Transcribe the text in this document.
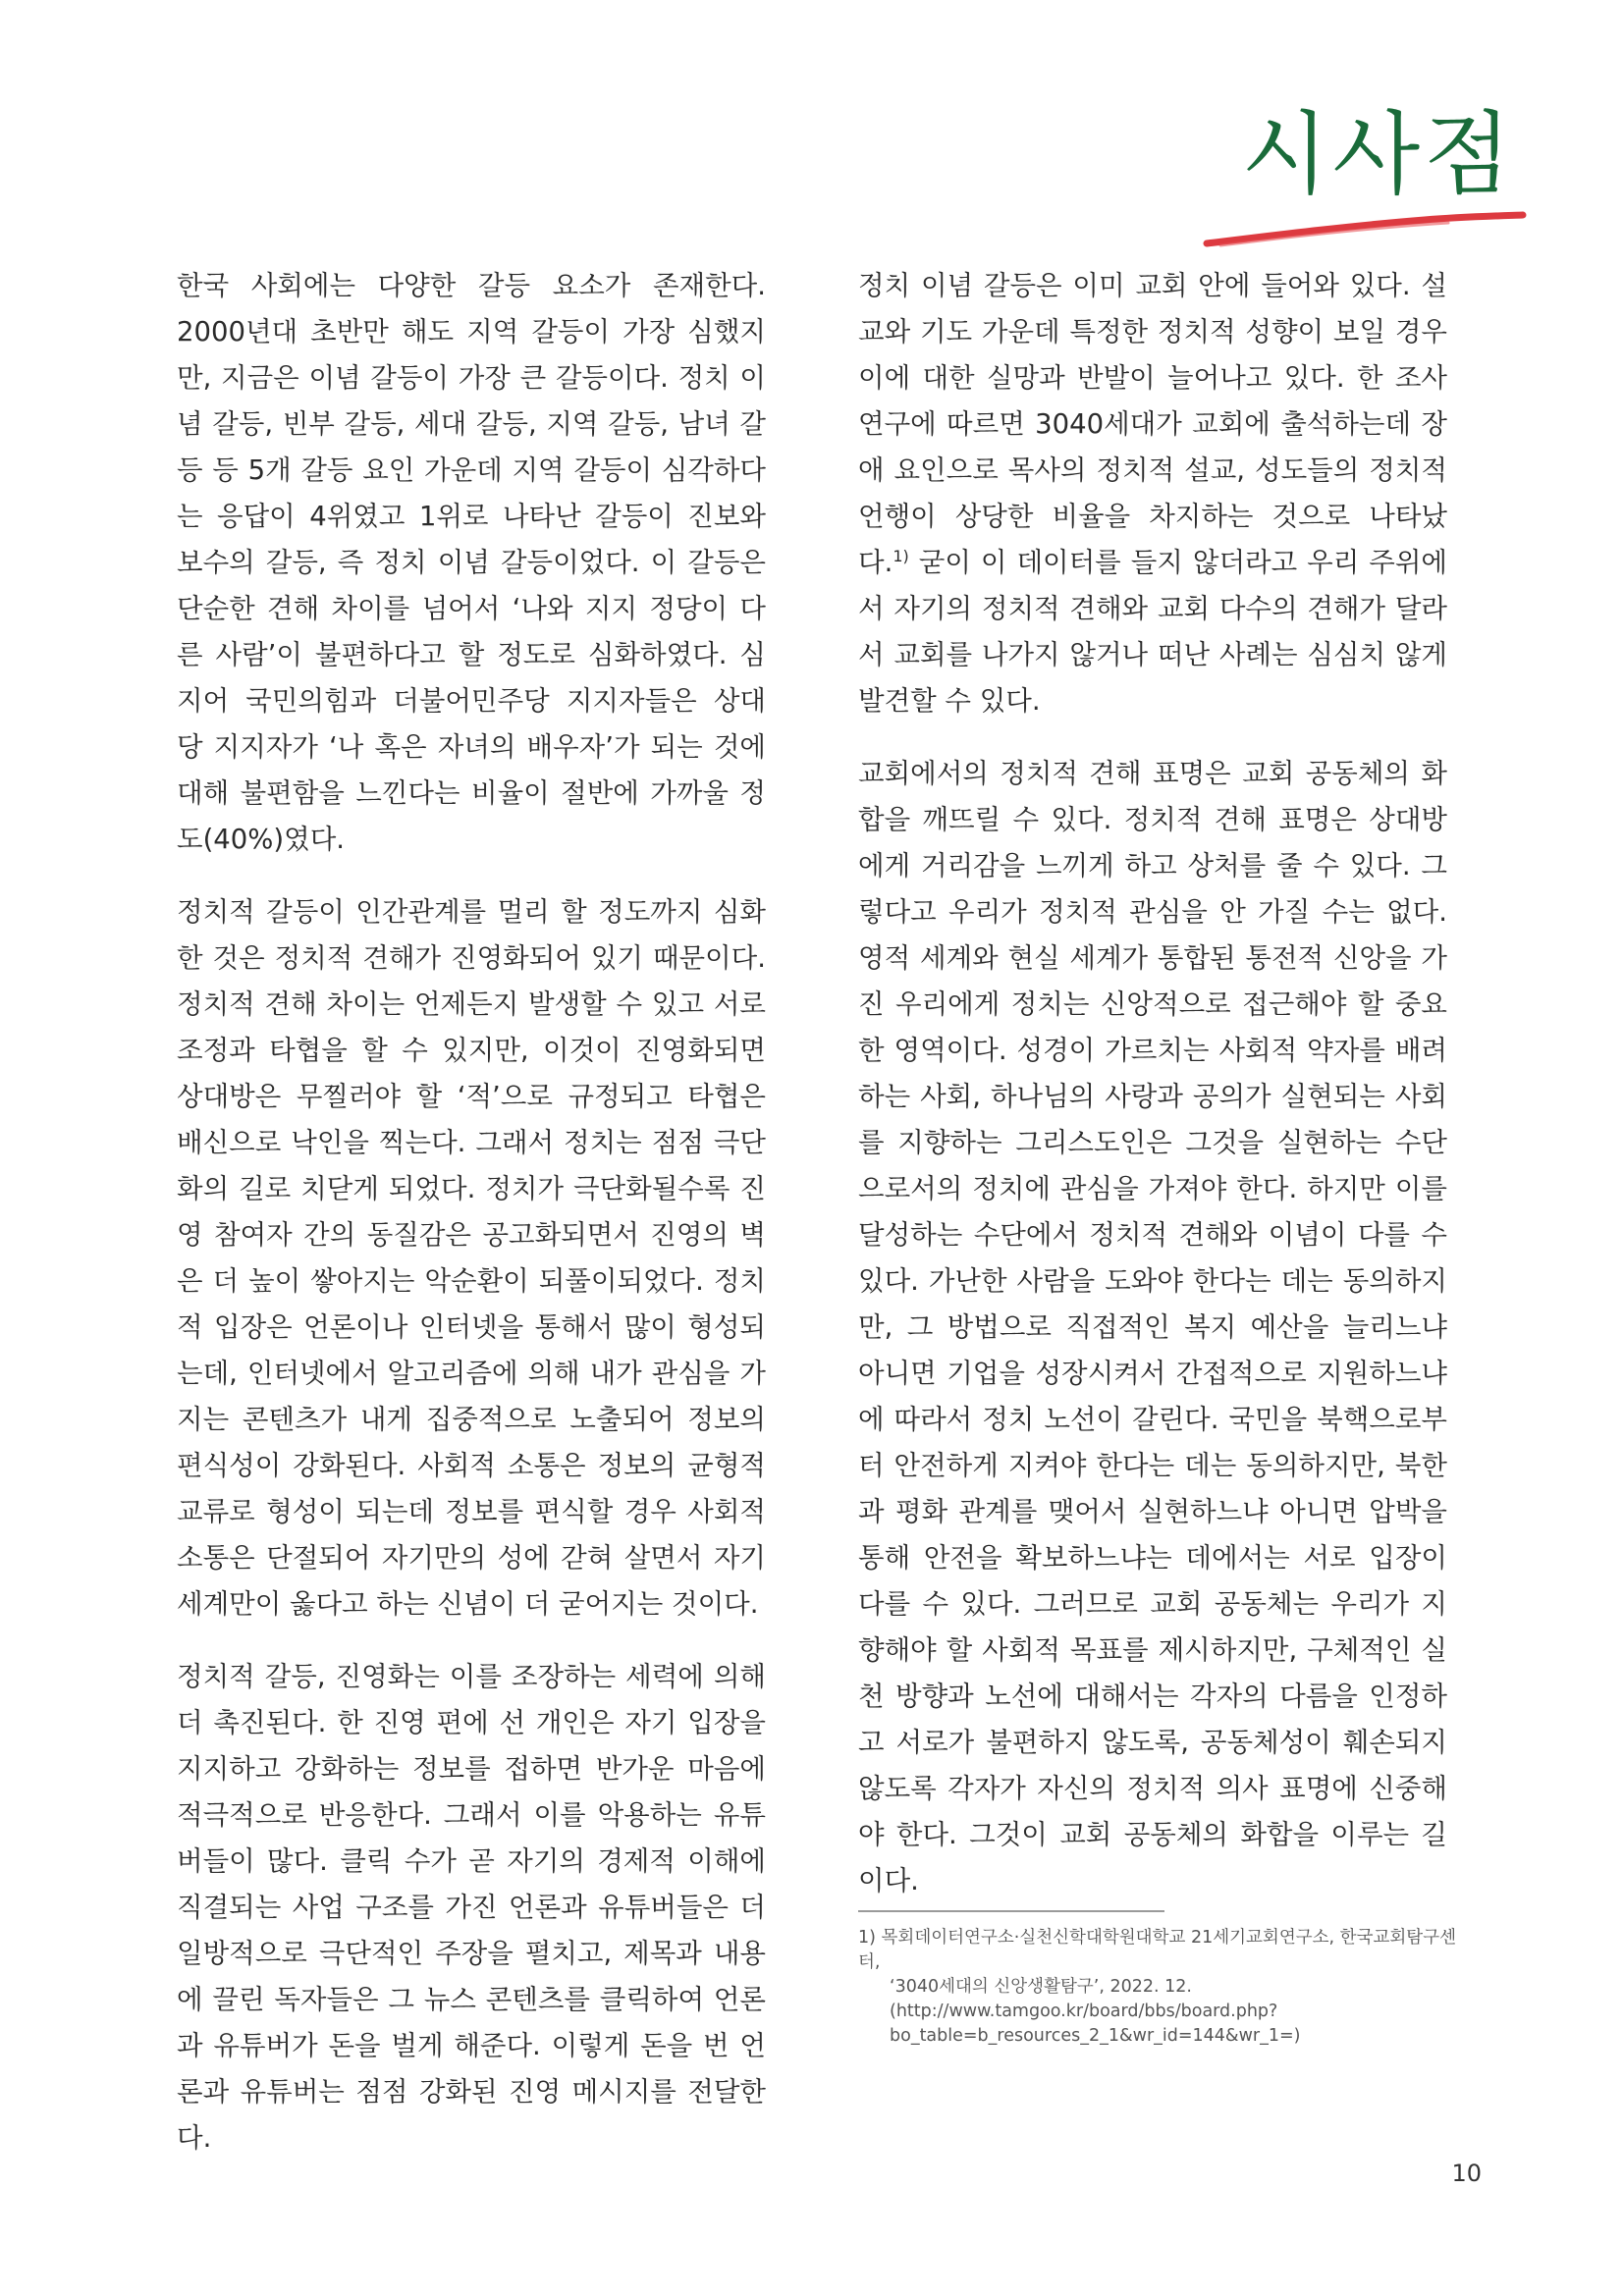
시사점

한국 사회에는 다양한 갈등 요소가 존재한다. 2000년대 초반만 해도 지역 갈등이 가장 심했지만, 지금은 이념 갈등이 가장 큰 갈등이다. 정치 이념 갈등, 빈부 갈등, 세대 갈등, 지역 갈등, 남녀 갈등 등 5개 갈등 요인 가운데 지역 갈등이 심각하다는 응답이 4위였고 1위로 나타난 갈등이 진보와 보수의 갈등, 즉 정치 이념 갈등이었다. 이 갈등은 단순한 견해 차이를 넘어서 ‘나와 지지 정당이 다른 사람’이 불편하다고 할 정도로 심화하였다. 심지어 국민의힘과 더불어민주당 지지자들은 상대 당 지지자가 ‘나 혹은 자녀의 배우자’가 되는 것에 대해 불편함을 느낀다는 비율이 절반에 가까울 정도(40%)였다.

정치적 갈등이 인간관계를 멀리 할 정도까지 심화한 것은 정치적 견해가 진영화되어 있기 때문이다. 정치적 견해 차이는 언제든지 발생할 수 있고 서로 조정과 타협을 할 수 있지만, 이것이 진영화되면 상대방은 무찔러야 할 ‘적’으로 규정되고 타협은 배신으로 낙인을 찍는다. 그래서 정치는 점점 극단화의 길로 치닫게 되었다. 정치가 극단화될수록 진영 참여자 간의 동질감은 공고화되면서 진영의 벽은 더 높이 쌓아지는 악순환이 되풀이되었다. 정치적 입장은 언론이나 인터넷을 통해서 많이 형성되는데, 인터넷에서 알고리즘에 의해 내가 관심을 가지는 콘텐츠가 내게 집중적으로 노출되어 정보의 편식성이 강화된다. 사회적 소통은 정보의 균형적 교류로 형성이 되는데 정보를 편식할 경우 사회적 소통은 단절되어 자기만의 성에 갇혀 살면서 자기 세계만이 옳다고 하는 신념이 더 굳어지는 것이다.

정치적 갈등, 진영화는 이를 조장하는 세력에 의해 더 촉진된다. 한 진영 편에 선 개인은 자기 입장을 지지하고 강화하는 정보를 접하면 반가운 마음에 적극적으로 반응한다. 그래서 이를 악용하는 유튜버들이 많다. 클릭 수가 곧 자기의 경제적 이해에 직결되는 사업 구조를 가진 언론과 유튜버들은 더 일방적으로 극단적인 주장을 펼치고, 제목과 내용에 끌린 독자들은 그 뉴스 콘텐츠를 클릭하여 언론과 유튜버가 돈을 벌게 해준다. 이렇게 돈을 번 언론과 유튜버는 점점 강화된 진영 메시지를 전달한다.

정치 이념 갈등은 이미 교회 안에 들어와 있다. 설교와 기도 가운데 특정한 정치적 성향이 보일 경우 이에 대한 실망과 반발이 늘어나고 있다. 한 조사 연구에 따르면 3040세대가 교회에 출석하는데 장애 요인으로 목사의 정치적 설교, 성도들의 정치적 언행이 상당한 비율을 차지하는 것으로 나타났다.$^{1)}$ 굳이 이 데이터를 들지 않더라고 우리 주위에서 자기의 정치적 견해와 교회 다수의 견해가 달라서 교회를 나가지 않거나 떠난 사례는 심심치 않게 발견할 수 있다.

교회에서의 정치적 견해 표명은 교회 공동체의 화합을 깨뜨릴 수 있다. 정치적 견해 표명은 상대방에게 거리감을 느끼게 하고 상처를 줄 수 있다. 그렇다고 우리가 정치적 관심을 안 가질 수는 없다. 영적 세계와 현실 세계가 통합된 통전적 신앙을 가진 우리에게 정치는 신앙적으로 접근해야 할 중요한 영역이다. 성경이 가르치는 사회적 약자를 배려하는 사회, 하나님의 사랑과 공의가 실현되는 사회를 지향하는 그리스도인은 그것을 실현하는 수단으로서의 정치에 관심을 가져야 한다. 하지만 이를 달성하는 수단에서 정치적 견해와 이념이 다를 수 있다. 가난한 사람을 도와야 한다는 데는 동의하지만, 그 방법으로 직접적인 복지 예산을 늘리느냐 아니면 기업을 성장시켜서 간접적으로 지원하느냐에 따라서 정치 노선이 갈린다. 국민을 북핵으로부터 안전하게 지켜야 한다는 데는 동의하지만, 북한과 평화 관계를 맺어서 실현하느냐 아니면 압박을 통해 안전을 확보하느냐는 데에서는 서로 입장이 다를 수 있다. 그러므로 교회 공동체는 우리가 지향해야 할 사회적 목표를 제시하지만, 구체적인 실천 방향과 노선에 대해서는 각자의 다름을 인정하고 서로가 불편하지 않도록, 공동체성이 훼손되지 않도록 각자가 자신의 정치적 의사 표명에 신중해야 한다. 그것이 교회 공동체의 화합을 이루는 길이다.

1) 목회데이터연구소·실천신학대학원대학교 21세기교회연구소, 한국교회탐구센터,
‘3040세대의 신앙생활탐구’, 2022. 12.
(http://www.tamgoo.kr/board/bbs/board.php?
bo_table=b_resources_2_1&wr_id=144&wr_1=)
10
